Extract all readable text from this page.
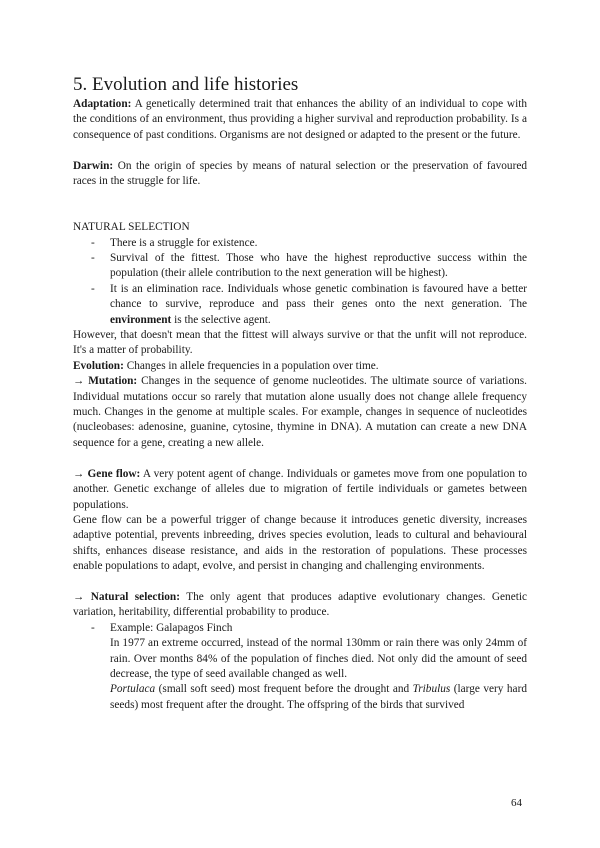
5. Evolution and life histories

Adaptation: A genetically determined trait that enhances the ability of an individual to cope with the conditions of an environment, thus providing a higher survival and reproduction probability. Is a consequence of past conditions. Organisms are not designed or adapted to the present or the future.

Darwin: On the origin of species by means of natural selection or the preservation of favoured races in the struggle for life.

NATURAL SELECTION

- There is a struggle for existence.
- Survival of the fittest. Those who have the highest reproductive success within the population (their allele contribution to the next generation will be highest).
- It is an elimination race. Individuals whose genetic combination is favoured have a better chance to survive, reproduce and pass their genes onto the next generation. The environment is the selective agent.

However, that doesn't mean that the fittest will always survive or that the unfit will not reproduce. It's a matter of probability.

Evolution: Changes in allele frequencies in a population over time.

→ Mutation: Changes in the sequence of genome nucleotides. The ultimate source of variations. Individual mutations occur so rarely that mutation alone usually does not change allele frequency much. Changes in the genome at multiple scales. For example, changes in sequence of nucleotides (nucleobases: adenosine, guanine, cytosine, thymine in DNA). A mutation can create a new DNA sequence for a gene, creating a new allele.

→ Gene flow: A very potent agent of change. Individuals or gametes move from one population to another. Genetic exchange of alleles due to migration of fertile individuals or gametes between populations.

Gene flow can be a powerful trigger of change because it introduces genetic diversity, increases adaptive potential, prevents inbreeding, drives species evolution, leads to cultural and behavioural shifts, enhances disease resistance, and aids in the restoration of populations. These processes enable populations to adapt, evolve, and persist in changing and challenging environments.

→ Natural selection: The only agent that produces adaptive evolutionary changes. Genetic variation, heritability, differential probability to produce.

- Example: Galapagos Finch

In 1977 an extreme occurred, instead of the normal 130mm or rain there was only 24mm of rain. Over months 84% of the population of finches died. Not only did the amount of seed decrease, the type of seed available changed as well.

Portulaca (small soft seed) most frequent before the drought and Tribulus (large very hard seeds) most frequent after the drought. The offspring of the birds that survived

64
